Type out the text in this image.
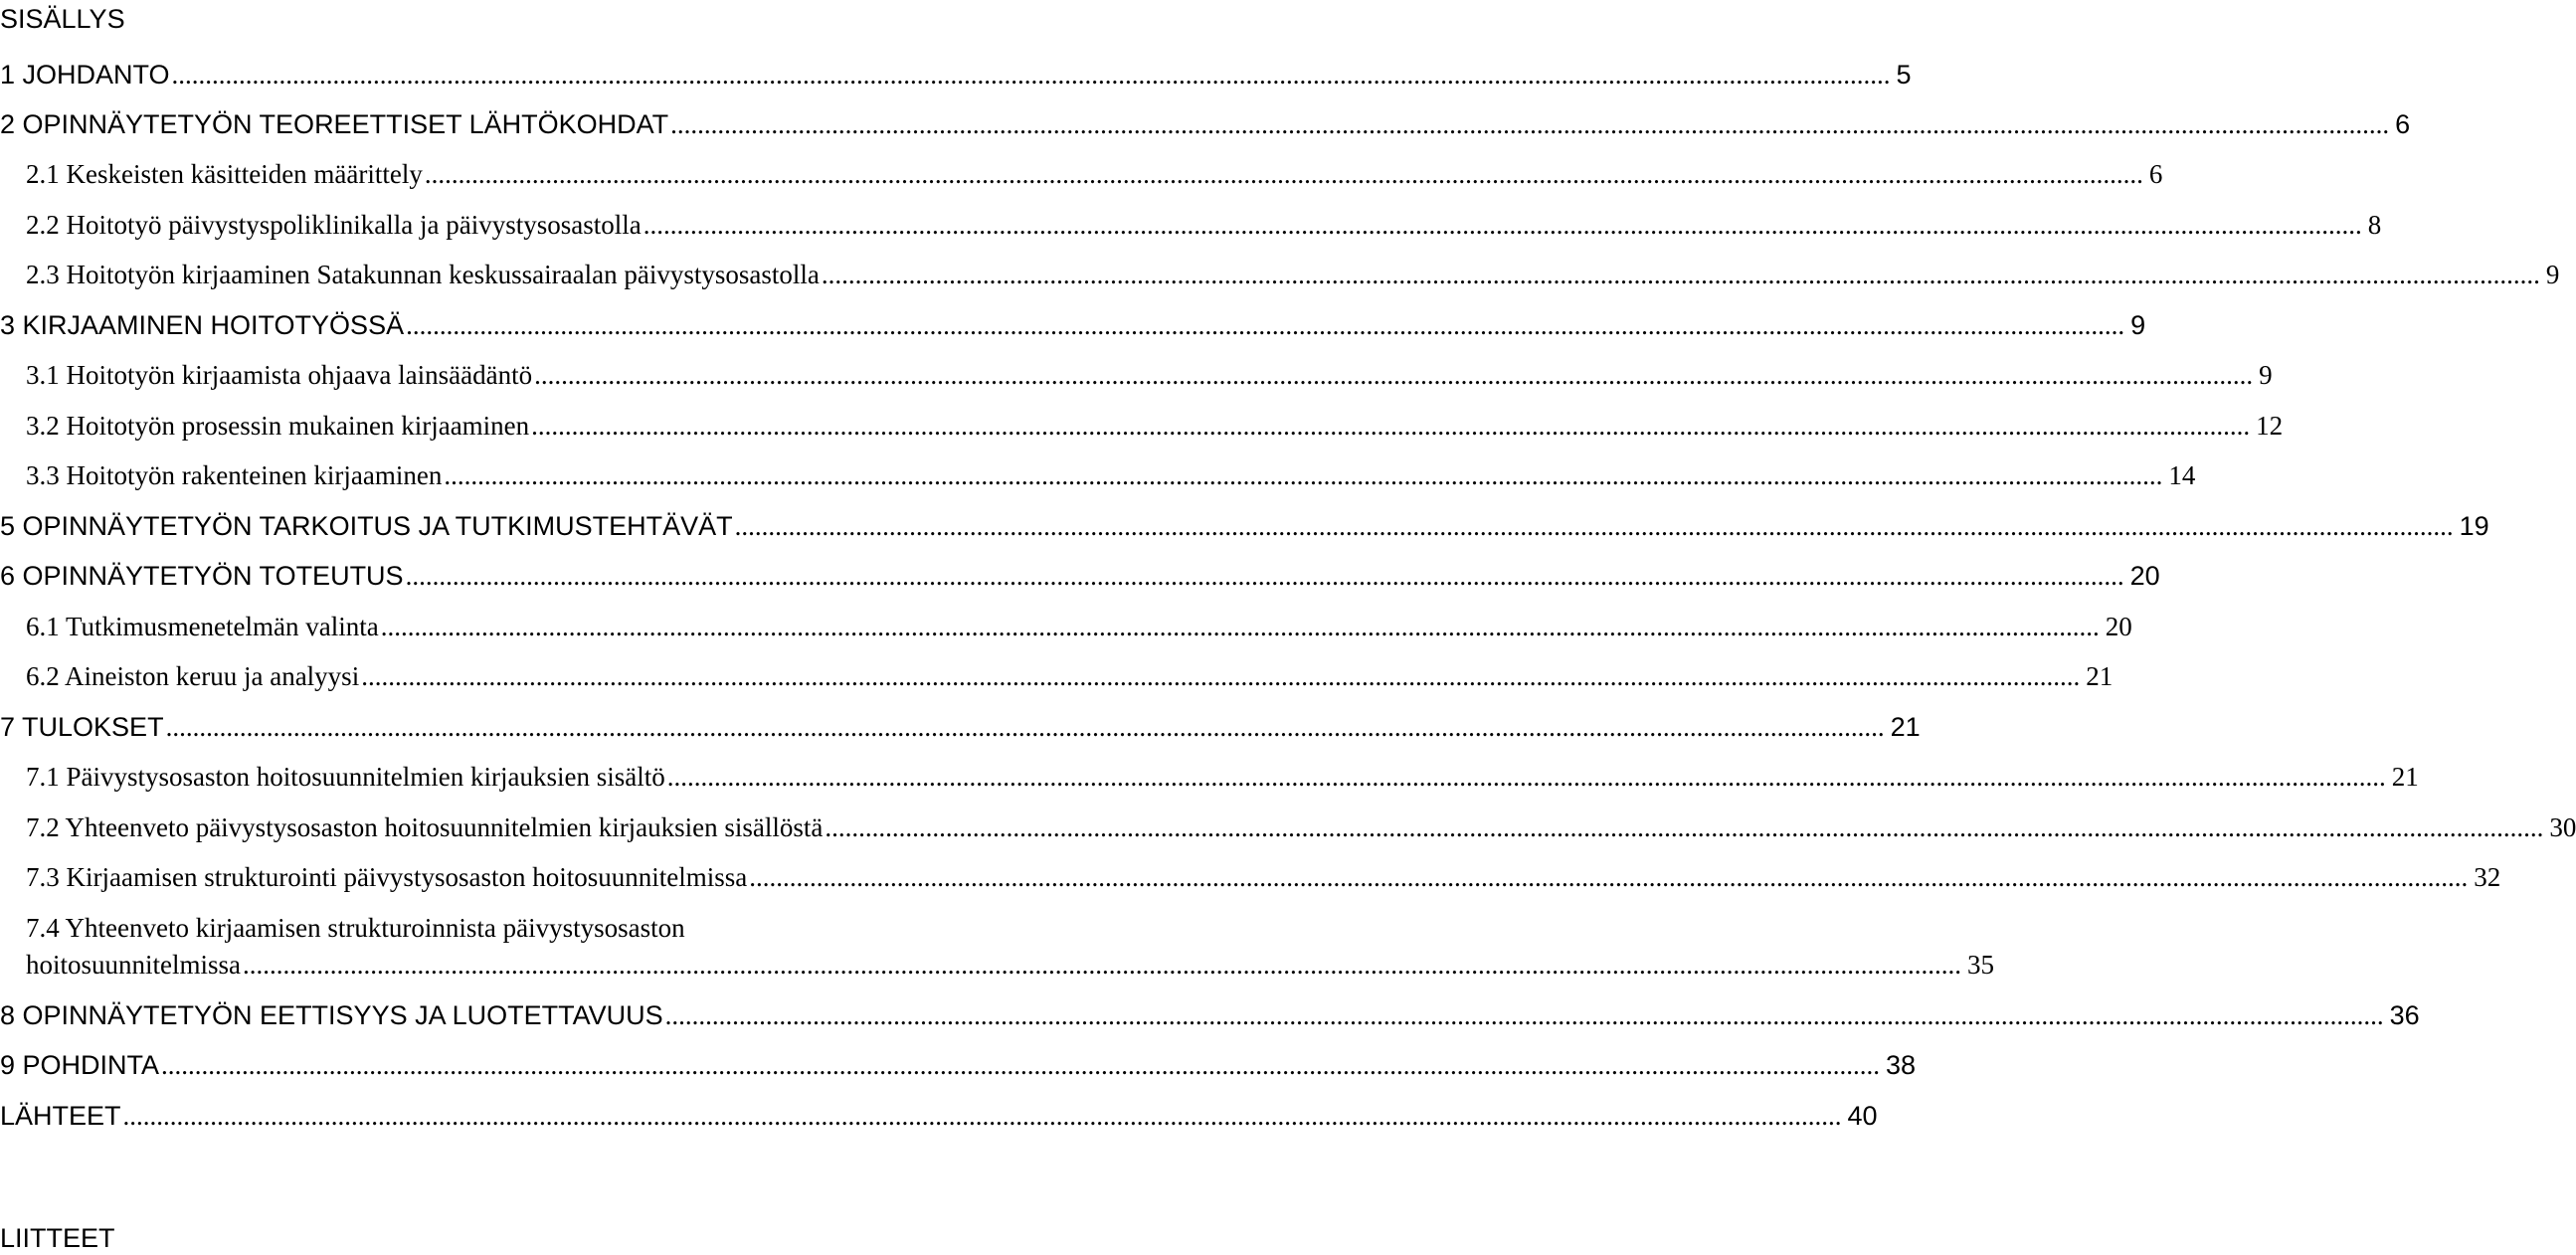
SISÄLLYS
1 JOHDANTO ................................................................................................................................................................................................................................................................ 5
2 OPINNÄYTETYÖN TEOREETTISET LÄHTÖKOHDAT ................................................................................................................................................................................................................................................................ 6
2.1 Keskeisten käsitteiden määrittely ................................................................................................................................................................................................................................................................ 6
2.2 Hoitotyö päivystyspoliklinikalla ja päivystysosastolla ................................................................................................................................................................................................................................................................ 8
2.3 Hoitotyön kirjaaminen Satakunnan keskussairaalan päivystysosastolla ................................................................................................................................................................................................................................................................ 9
3 KIRJAAMINEN HOITOTYÖSSÄ ................................................................................................................................................................................................................................................................ 9
3.1 Hoitotyön kirjaamista ohjaava lainsäädäntö ................................................................................................................................................................................................................................................................ 9
3.2 Hoitotyön prosessin mukainen kirjaaminen ................................................................................................................................................................................................................................................................ 12
3.3 Hoitotyön rakenteinen kirjaaminen ................................................................................................................................................................................................................................................................ 14
5 OPINNÄYTETYÖN TARKOITUS JA TUTKIMUSTEHTÄVÄT ................................................................................................................................................................................................................................................................ 19
6 OPINNÄYTETYÖN TOTEUTUS ................................................................................................................................................................................................................................................................ 20
6.1 Tutkimusmenetelmän valinta ................................................................................................................................................................................................................................................................ 20
6.2 Aineiston keruu ja analyysi ................................................................................................................................................................................................................................................................ 21
7 TULOKSET ................................................................................................................................................................................................................................................................ 21
7.1 Päivystysosaston hoitosuunnitelmien kirjauksien sisältö ................................................................................................................................................................................................................................................................ 21
7.2 Yhteenveto päivystysosaston hoitosuunnitelmien kirjauksien sisällöstä ................................................................................................................................................................................................................................................................ 30
7.3 Kirjaamisen strukturointi päivystysosaston hoitosuunnitelmissa ................................................................................................................................................................................................................................................................ 32
7.4 Yhteenveto kirjaamisen strukturoinnista päivystysosaston
hoitosuunnitelmissa ................................................................................................................................................................................................................................................................ 35
8 OPINNÄYTETYÖN EETTISYYS JA LUOTETTAVUUS ................................................................................................................................................................................................................................................................ 36
9 POHDINTA ................................................................................................................................................................................................................................................................ 38
LÄHTEET ................................................................................................................................................................................................................................................................ 40
LIITTEET
